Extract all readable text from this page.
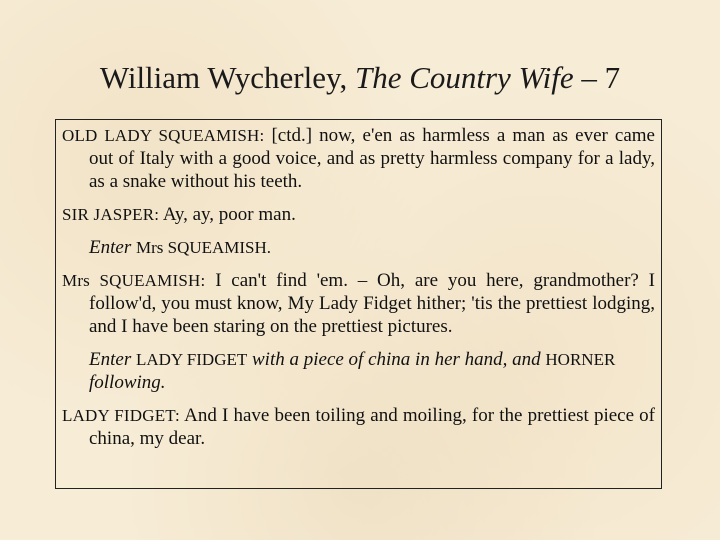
William Wycherley, The Country Wife – 7

OLD LADY SQUEAMISH: [ctd.] now, e'en as harmless a man as ever came out of Italy with a good voice, and as pretty harmless company for a lady, as a snake without his teeth.

SIR JASPER: Ay, ay, poor man.

Enter Mrs SQUEAMISH.

Mrs SQUEAMISH: I can't find 'em. – Oh, are you here, grandmother? I follow'd, you must know, My Lady Fidget hither; 'tis the prettiest lodging, and I have been staring on the prettiest pictures.

Enter LADY FIDGET with a piece of china in her hand, and HORNER following.

LADY FIDGET: And I have been toiling and moiling, for the prettiest piece of china, my dear.
